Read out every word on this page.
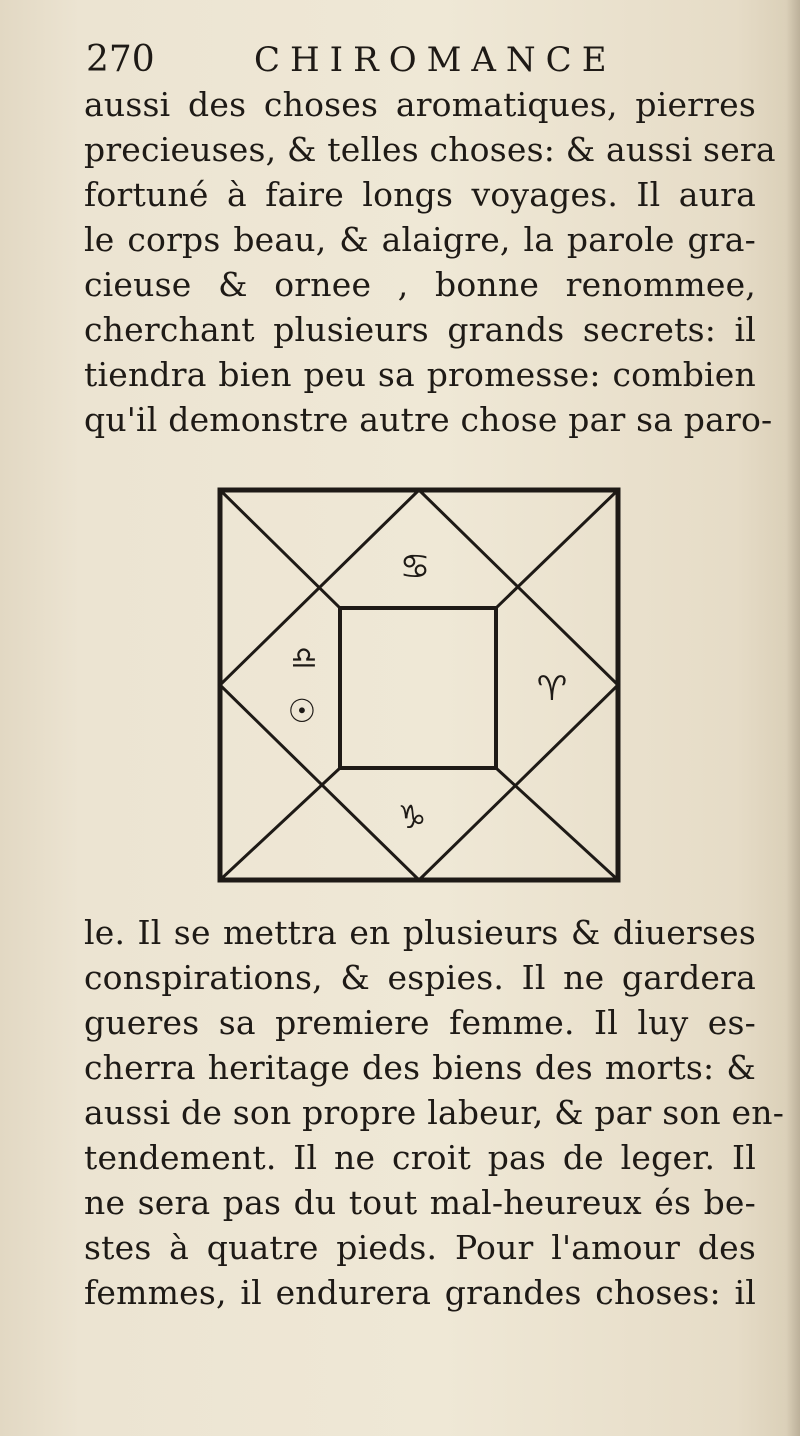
270	CHIROMANCE
aussi des choses aromatiques, pierres
precieuses, & telles choses: & aussi sera
fortuné à faire longs voyages. Il aura
le corps beau, & alaigre, la parole gra-
cieuse & ornee , bonne renommee,
cherchant plusieurs grands secrets: il
tiendra bien peu sa promesse: combien
qu'il demonstre autre chose par sa paro-
♋
♎
☉
♈
♑
le. Il se mettra en plusieurs & diuerses
conspirations, & espies. Il ne gardera
gueres sa premiere femme. Il luy es-
cherra heritage des biens des morts: &
aussi de son propre labeur, & par son en-
tendement. Il ne croit pas de leger. Il
ne sera pas du tout mal-heureux és be-
stes à quatre pieds. Pour l'amour des
femmes, il endurera grandes choses: il
